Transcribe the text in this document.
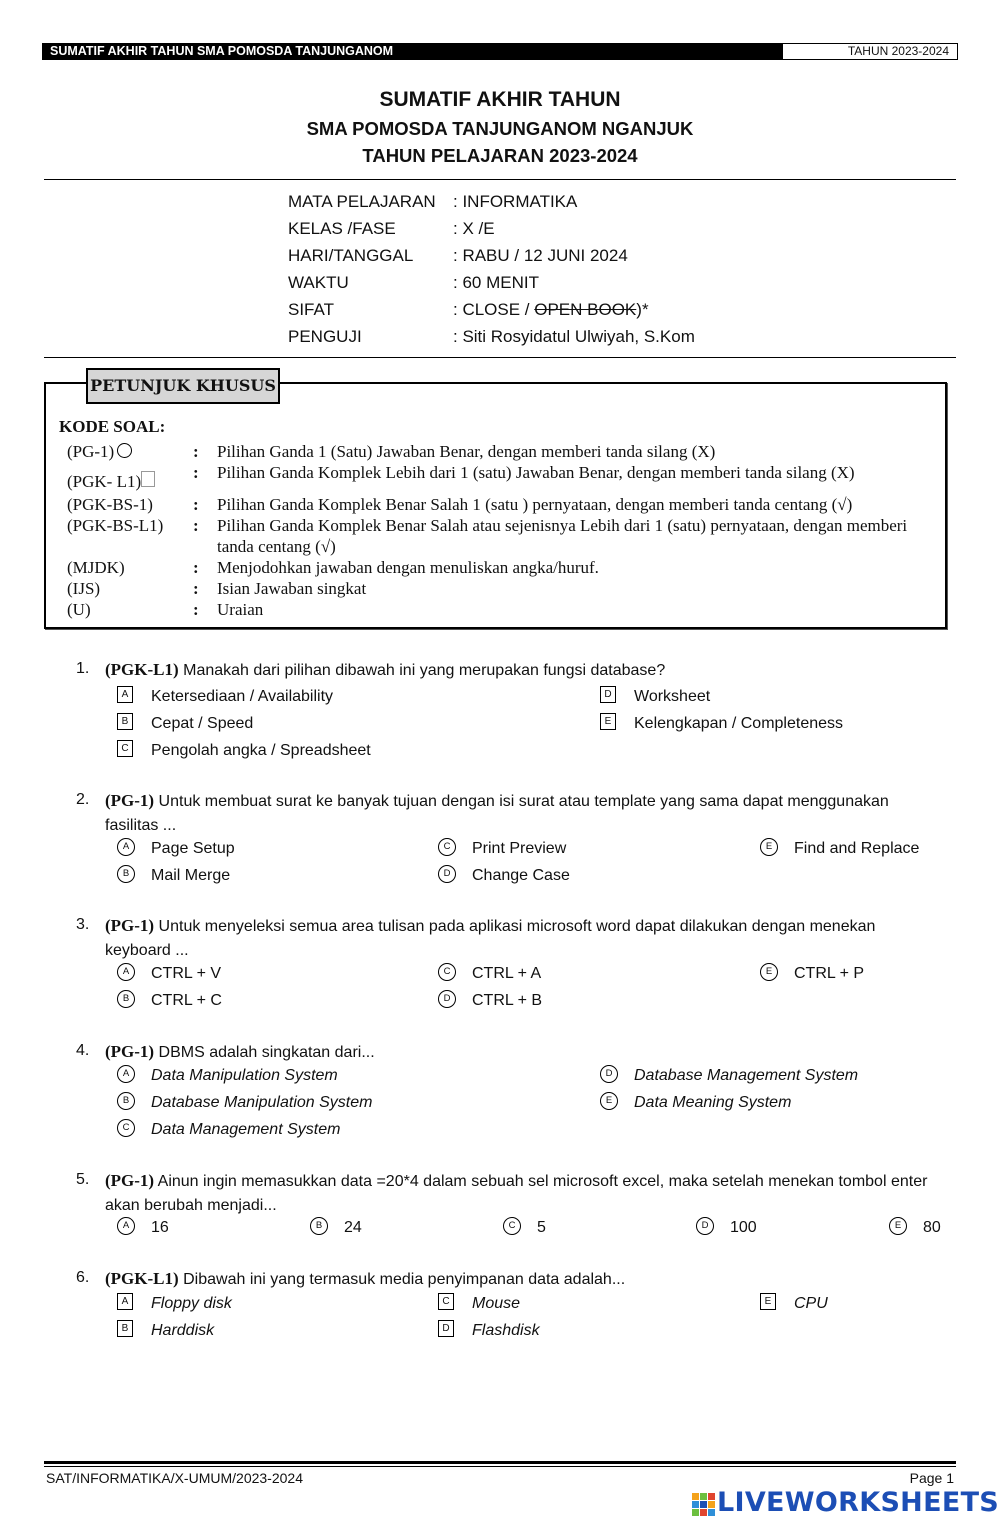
SUMATIF AKHIR TAHUN SMA POMOSDA TANJUNGANOM	TAHUN 2023-2024
SUMATIF AKHIR TAHUN
SMA POMOSDA TANJUNGANOM NGANJUK
TAHUN PELAJARAN 2023-2024
MATA PELAJARAN	: INFORMATIKA
KELAS /FASE	: X /E
HARI/TANGGAL	: RABU / 12 JUNI 2024
WAKTU	: 60 MENIT
SIFAT	: CLOSE / OPEN BOOK)*
PENGUJI	: Siti Rosyidatul Ulwiyah, S.Kom
PETUNJUK KHUSUS
KODE SOAL:
(PG-1)	: Pilihan Ganda 1 (Satu) Jawaban Benar, dengan memberi tanda silang (X)
(PGK- L1)	: Pilihan Ganda Komplek Lebih dari 1 (satu) Jawaban Benar, dengan memberi tanda silang (X)
(PGK-BS-1) : Pilihan Ganda Komplek Benar Salah 1 (satu ) pernyataan, dengan memberi tanda centang (√)
(PGK-BS-L1) : Pilihan Ganda Komplek Benar Salah atau sejenisnya Lebih dari 1 (satu) pernyataan, dengan memberi tanda centang (√)
(MJDK)	: Menjodohkan jawaban dengan menuliskan angka/huruf.
(IJS)	: Isian Jawaban singkat
(U)	: Uraian
1. (PGK-L1) Manakah dari pilihan dibawah ini yang merupakan fungsi database?
A Ketersediaan / Availability
B Cepat / Speed
C Pengolah angka / Spreadsheet
D Worksheet
E Kelengkapan / Completeness
2. (PG-1) Untuk membuat surat ke banyak tujuan dengan isi surat atau template yang sama dapat menggunakan fasilitas ...
A	Page Setup
B	Mail Merge
C	Print Preview
D	Change Case
E	Find and Replace
3. (PG-1) Untuk menyeleksi semua area tulisan pada aplikasi microsoft word dapat dilakukan dengan menekan keyboard ...
A	CTRL + V
B	CTRL + C
C	CTRL + A
D	CTRL + B
E	CTRL + P
4. (PG-1) DBMS adalah singkatan dari...
A	Data Manipulation System
B	Database Manipulation System
C	Data Management System
D	Database Management System
E	Data Meaning System
5. (PG-1) Ainun ingin memasukkan data =20*4 dalam sebuah sel microsoft excel, maka setelah menekan tombol enter akan berubah menjadi...
A	16	B	24	C	5	D	100	E	80
6. (PGK-L1) Dibawah ini yang termasuk media penyimpanan data adalah...
A Floppy disk
B Harddisk
C Mouse
D Flashdisk
E CPU
SAT/INFORMATIKA/X-UMUM/2023-2024	Page 1
LIVEWORKSHEETS
